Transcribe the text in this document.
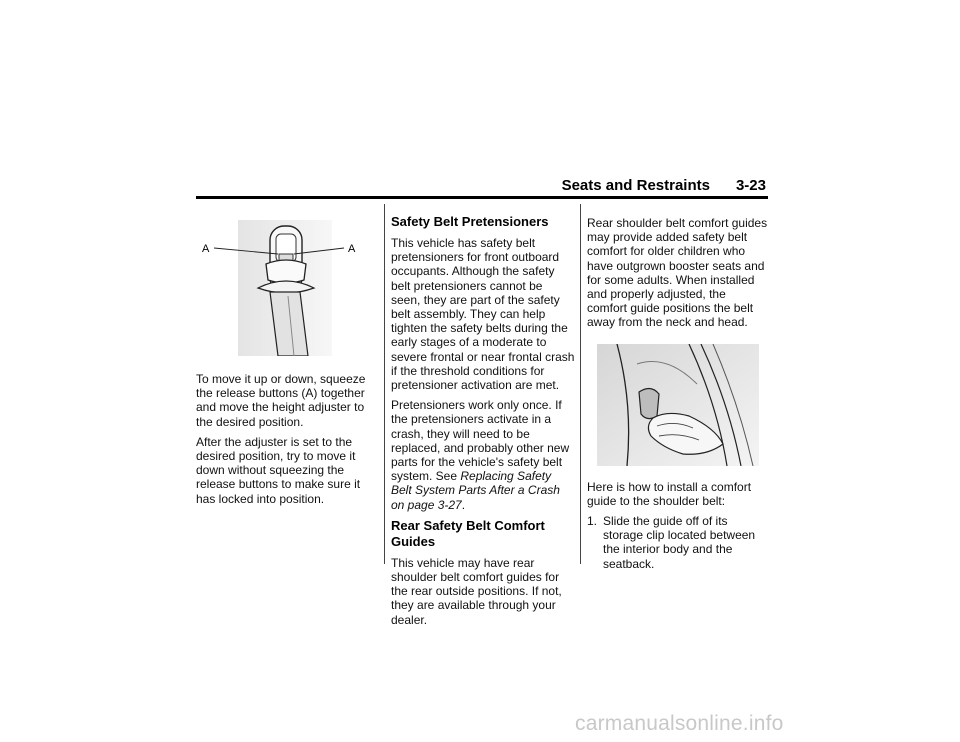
Seats and Restraints 3-23
A	A

To move it up or down, squeeze the release buttons (A) together and move the height adjuster to the desired position.

After the adjuster is set to the desired position, try to move it down without squeezing the release buttons to make sure it has locked into position.

Safety Belt Pretensioners

This vehicle has safety belt pretensioners for front outboard occupants. Although the safety belt pretensioners cannot be seen, they are part of the safety belt assembly. They can help tighten the safety belts during the early stages of a moderate to severe frontal or near frontal crash if the threshold conditions for pretensioner activation are met.

Pretensioners work only once. If the pretensioners activate in a crash, they will need to be replaced, and probably other new parts for the vehicle's safety belt system. See Replacing Safety Belt System Parts After a Crash on page 3-27.

Rear Safety Belt Comfort Guides

This vehicle may have rear shoulder belt comfort guides for the rear outside positions. If not, they are available through your dealer.

Rear shoulder belt comfort guides may provide added safety belt comfort for older children who have outgrown booster seats and for some adults. When installed and properly adjusted, the comfort guide positions the belt away from the neck and head.

Here is how to install a comfort guide to the shoulder belt:

1. Slide the guide off of its storage clip located between the interior body and the seatback.
carmanualsonline.info
